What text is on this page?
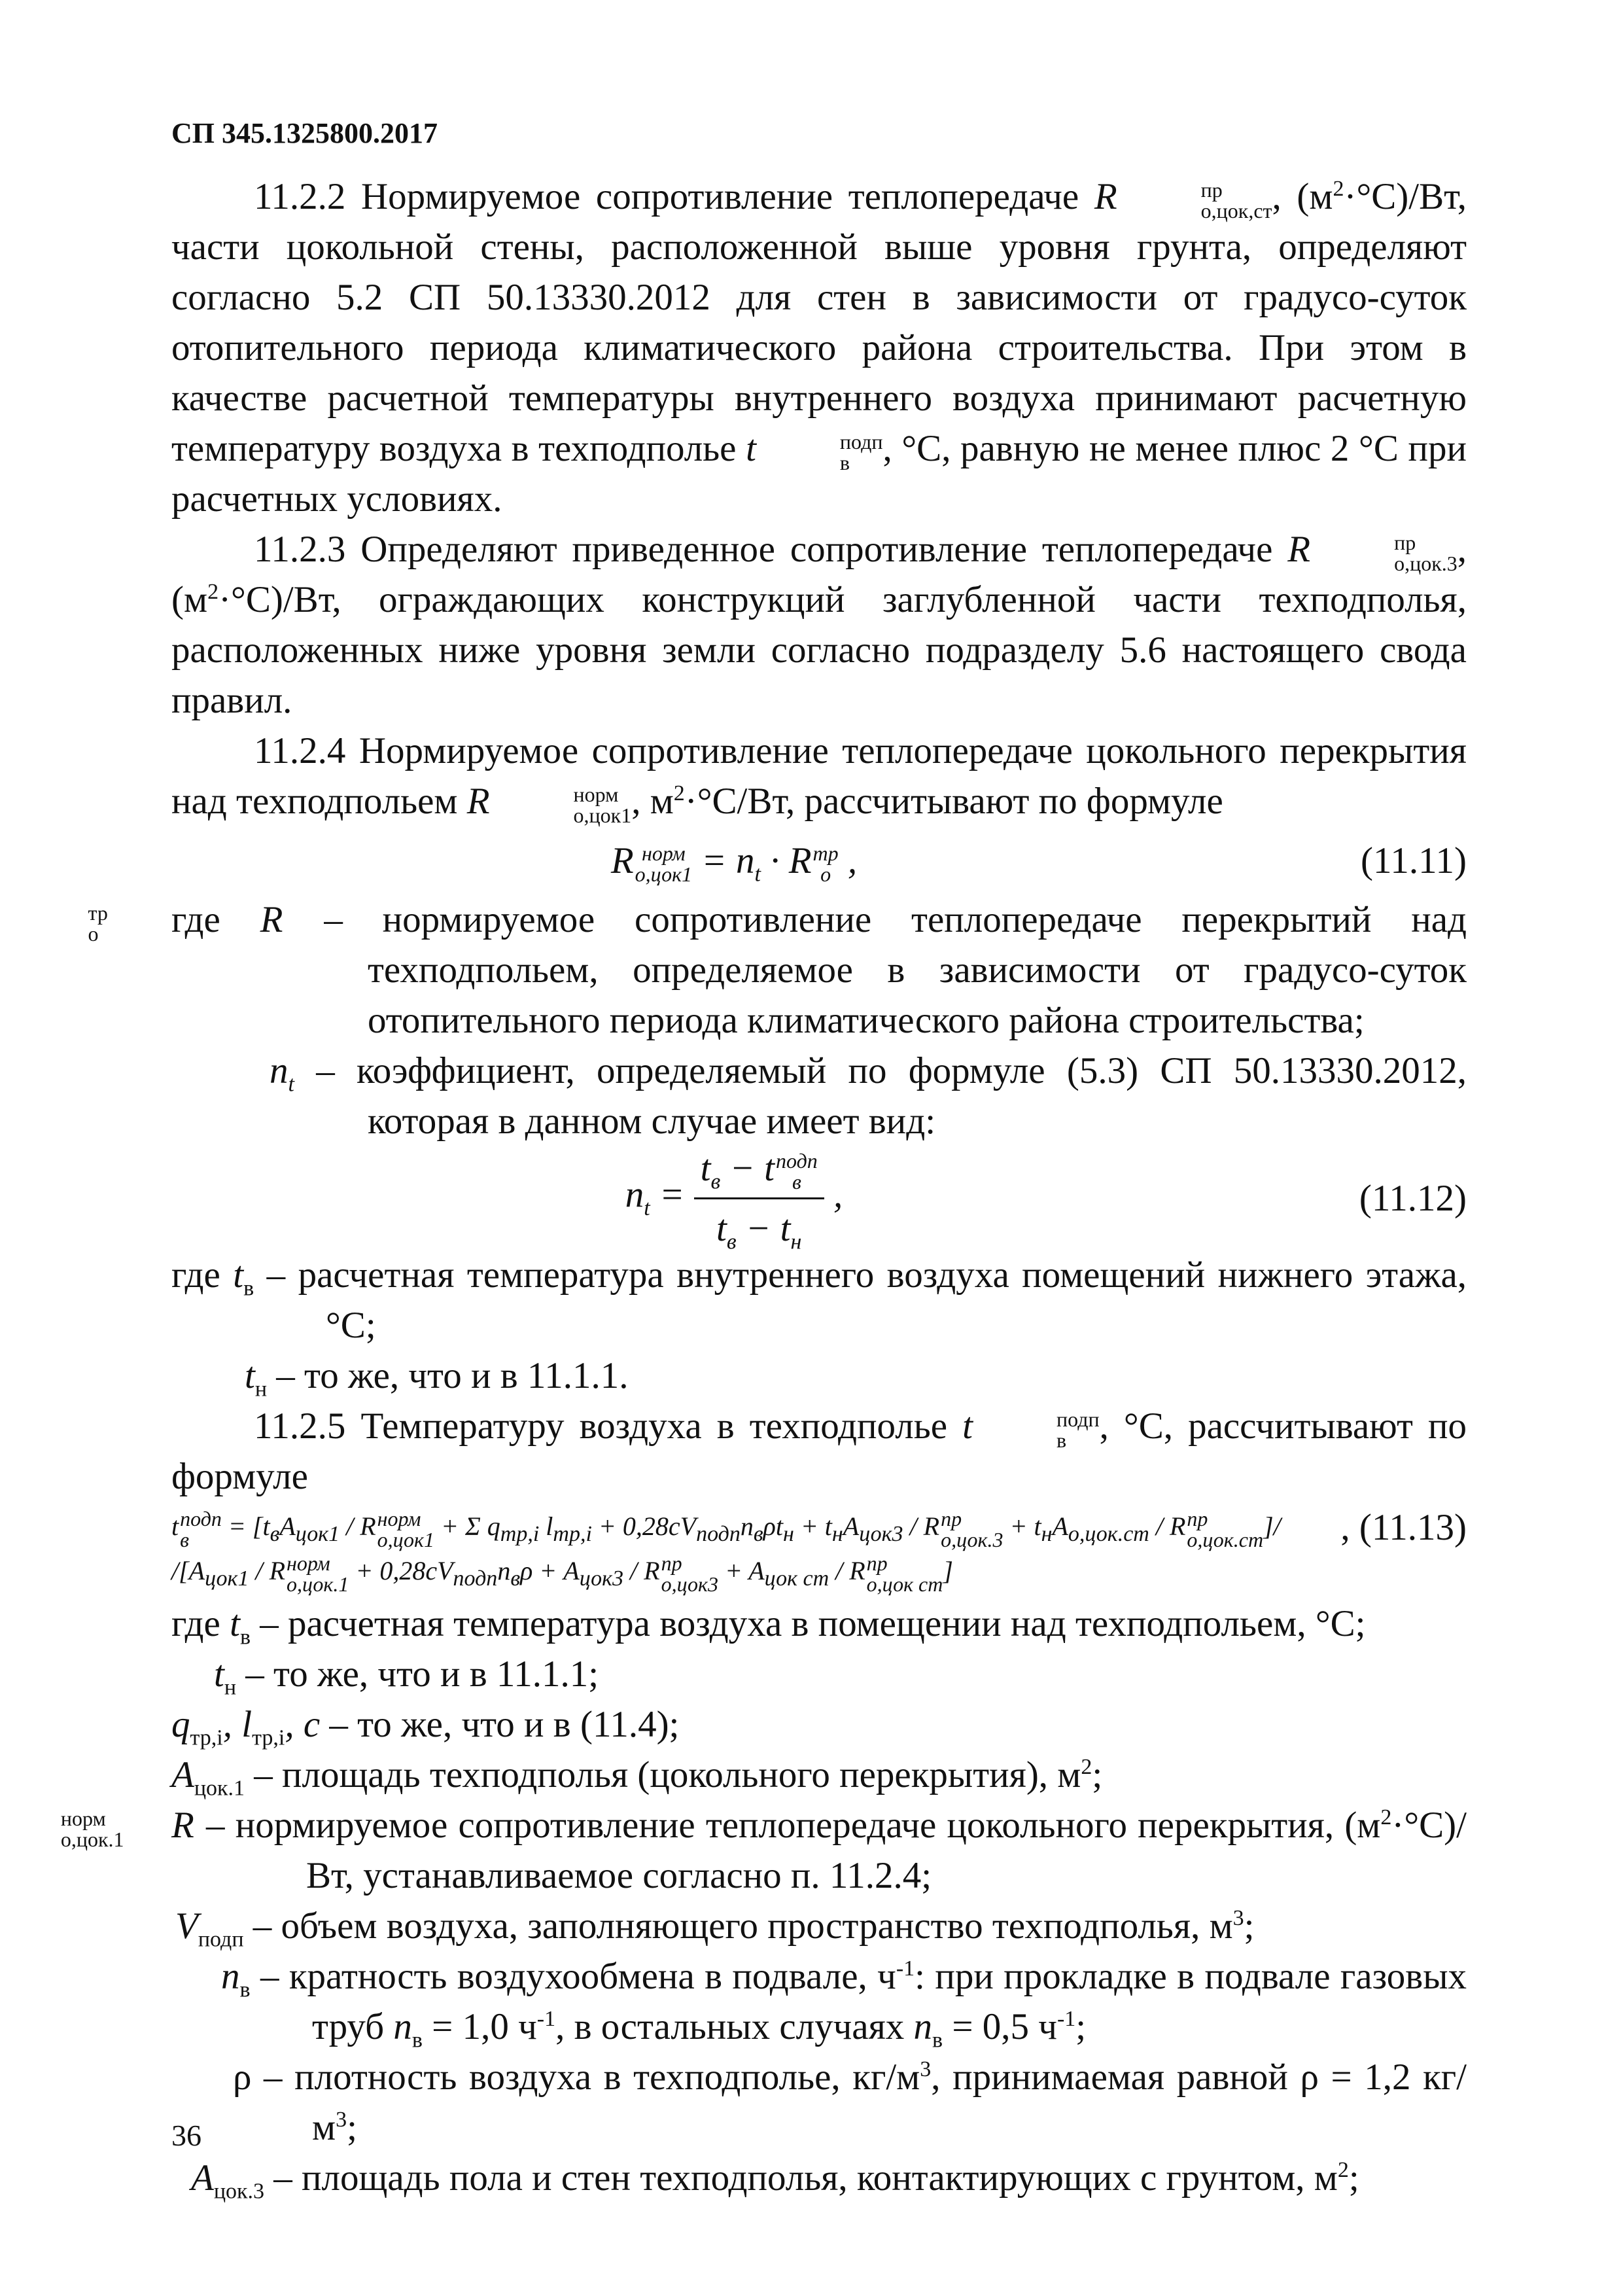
СП 345.1325800.2017

11.2.2 Нормируемое сопротивление теплопередаче R	пр
о,цок,ст , $(м^2\cdot^\circ С)/Вт$, части цокольной стены, расположенной выше уровня грунта, определяют согласно 5.2 СП 50.13330.2012 для стен в зависимости от градусо-суток отопительного периода климатического района строительства. При этом в качестве расчетной температуры внутреннего воздуха принимают расчетную температуру воздуха в техподполье t	подп
в , °С, равную не менее плюс 2 °С при расчетных условиях.

11.2.3 Определяют приведенное сопротивление теплопередаче R	пр
о,цок.3 , $(м^2\cdot^\circ С)/Вт$, ограждающих конструкций заглубленной части техподполья, расположенных ниже уровня земли согласно подразделу 5.6 настоящего свода правил.

11.2.4 Нормируемое сопротивление теплопередаче цокольного перекрытия над техподпольем R	норм
о,цок1 , $м^2\cdot^\circ С/Вт$, рассчитывают по формуле

R норм
$о,цок1 = n_t \cdot R$ тр
о ,	(11.11)

где R
тр
о	– нормируемое сопротивление теплопередаче перекрытий над техподпольем, определяемое в зависимости от градусо-суток отопительного периода климатического района строительства;

$n_t$ – коэффициент, определяемый по формуле (5.3) СП 50.13330.2012, которая в данном случае имеет вид:

$n_t = t_в - t$ подп
в
$t_в - t_н$ ,	(11.12)

где $t_в$ – расчетная температура внутреннего воздуха помещений нижнего этажа, °С;

$t_н$ – то же, что и в 11.1.1.

11.2.5 Температуру воздуха в техподполье t	подп
в , °С, рассчитывают по формуле

t подп
в	= [$t_вA_{цок1}$ / R норм
о,цок1 + Σ $q_{тр,i}$ $l_{тр,i} + 0,28cV_{подп}n_в\rho t_н + t_нA_{цок3} / R$ пр
$о,цок.3 + t_нA_{о,цок.ст} / R$ пр
о,цок.ст ]/	, (11.13)
$/[A_{цок1}$ / R норм
$о,цок.1 + 0,28cV_{подп}n_в\rho + A_{цок3} / R$ пр
$о,цок3 + A_{цок ст} / R$ пр
о,цок ст ]

где $t_в$ – расчетная температура воздуха в помещении над техподпольем, °С;

$t_н$ – то же, что и в 11.1.1;

$q_{тр,i}$, $l_{тр,i}$, c – то же, что и в (11.4);

$A_{цок.1}$ – площадь техподполья (цокольного перекрытия), $м^2$;

R
норм
о,цок.1	– нормируемое сопротивление теплопередаче цокольного перекрытия, $(м^2\cdot^\circ С)/Вт$, устанавливаемое согласно п. 11.2.4;

$V_{подп}$ – объем воздуха, заполняющего пространство техподполья, $м^3$;

$n_в$ – кратность воздухообмена в подвале, $ч^{-1}$: при прокладке в подвале газовых труб $n_в = 1,0$ $ч^{-1}$, в остальных случаях $n_в = 0,5$ $ч^{-1}$;

ρ – плотность воздуха в техподполье, $кг/м^3$, принимаемая равной ρ = 1,2 $кг/м^3$;

$A_{цок.3}$ – площадь пола и стен техподполья, контактирующих с грунтом, $м^2$;

36
